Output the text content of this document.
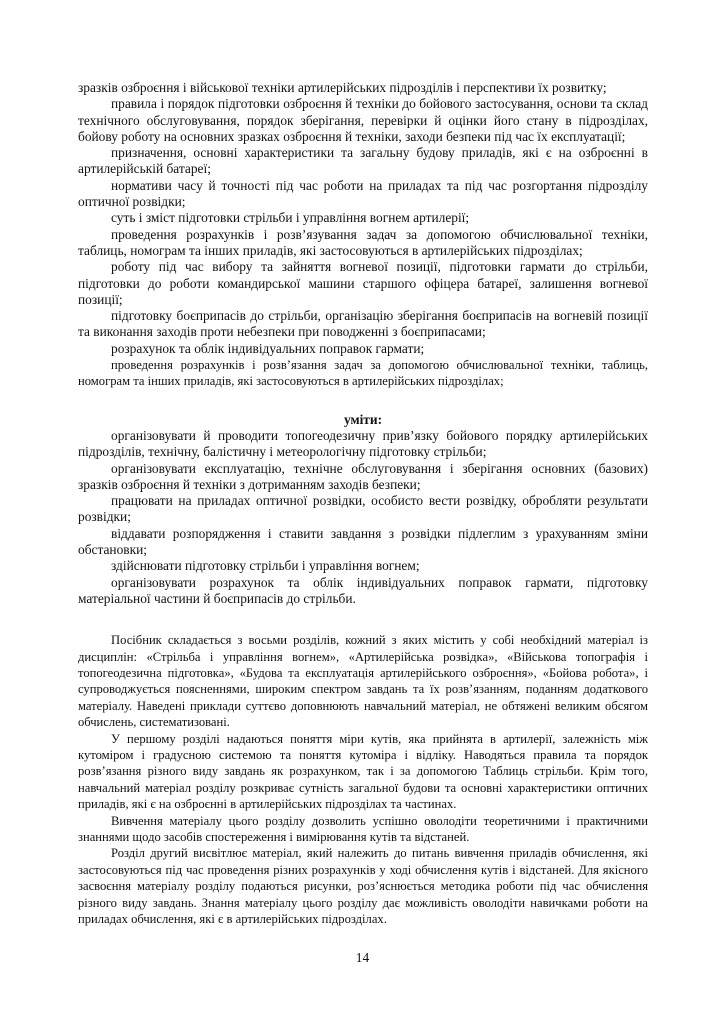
зразків озброєння і військової техніки артилерійських підрозділів і перспективи їх розвитку;

правила і порядок підготовки озброєння й техніки до бойового застосування, основи та склад технічного обслуговування, порядок зберігання, перевірки й оцінки його стану в підрозділах, бойову роботу на основних зразках озброєння й техніки, заходи безпеки під час їх експлуатації;

призначення, основні характеристики та загальну будову приладів, які є на озброєнні в артилерійській батареї;

нормативи часу й точності під час роботи на приладах та під час розгортання підрозділу оптичної розвідки;

суть і зміст підготовки стрільби і управління вогнем артилерії;

проведення розрахунків і розв’язування задач за допомогою обчислювальної техніки, таблиць, номограм та інших приладів, які застосовуються в артилерійських підрозділах;

роботу під час вибору та зайняття вогневої позиції, підготовки гармати до стрільби, підготовки до роботи командирської машини старшого офіцера батареї, залишення вогневої позиції;

підготовку боєприпасів до стрільби, організацію зберігання боєприпасів на вогневій позиції та виконання заходів проти небезпеки при поводженні з боєприпасами;

розрахунок та облік індивідуальних поправок гармати;

проведення розрахунків і розв’язання задач за допомогою обчислювальної техніки, таблиць, номограм та інших приладів, які застосовуються в артилерійських підрозділах;

уміти:

організовувати й проводити топогеодезичну прив’язку бойового порядку артилерійських підрозділів, технічну, балістичну і метеорологічну підготовку стрільби;

організовувати експлуатацію, технічне обслуговування і зберігання основних (базових) зразків озброєння й техніки з дотриманням заходів безпеки;

працювати на приладах оптичної розвідки, особисто вести розвідку, обробляти результати розвідки;

віддавати розпорядження і ставити завдання з розвідки підлеглим з урахуванням зміни обстановки;

здійснювати підготовку стрільби і управління вогнем;

організовувати розрахунок та облік індивідуальних поправок гармати, підготовку матеріальної частини й боєприпасів до стрільби.

Посібник складається з восьми розділів, кожний з яких містить у собі необхідний матеріал із дисциплін: «Стрільба і управління вогнем», «Артилерійська розвідка», «Військова топографія і топогеодезична підготовка», «Будова та експлуатація артилерійського озброєння», «Бойова робота», і супроводжується поясненнями, широким спектром завдань та їх розв’язанням, поданням додаткового матеріалу. Наведені приклади суттєво доповнюють навчальний матеріал, не обтяжені великим обсягом обчислень, систематизовані.

У першому розділі надаються поняття міри кутів, яка прийнята в артилерії, залежність між кутоміром і градусною системою та поняття кутоміра і відліку. Наводяться правила та порядок розв’язання різного виду завдань як розрахунком, так і за допомогою Таблиць стрільби. Крім того, навчальний матеріал розділу розкриває сутність загальної будови та основні характеристики оптичних приладів, які є на озброєнні в артилерійських підрозділах та частинах.

Вивчення матеріалу цього розділу дозволить успішно оволодіти теоретичними і практичними знаннями щодо засобів спостереження і вимірювання кутів та відстаней.

Розділ другий висвітлює матеріал, який належить до питань вивчення приладів обчислення, які застосовуються під час проведення різних розрахунків у ході обчислення кутів і відстаней. Для якісного засвоєння матеріалу розділу подаються рисунки, роз’яснюється методика роботи під час обчислення різного виду завдань. Знання матеріалу цього розділу дає можливість оволодіти навичками роботи на приладах обчислення, які є в артилерійських підрозділах.

14
